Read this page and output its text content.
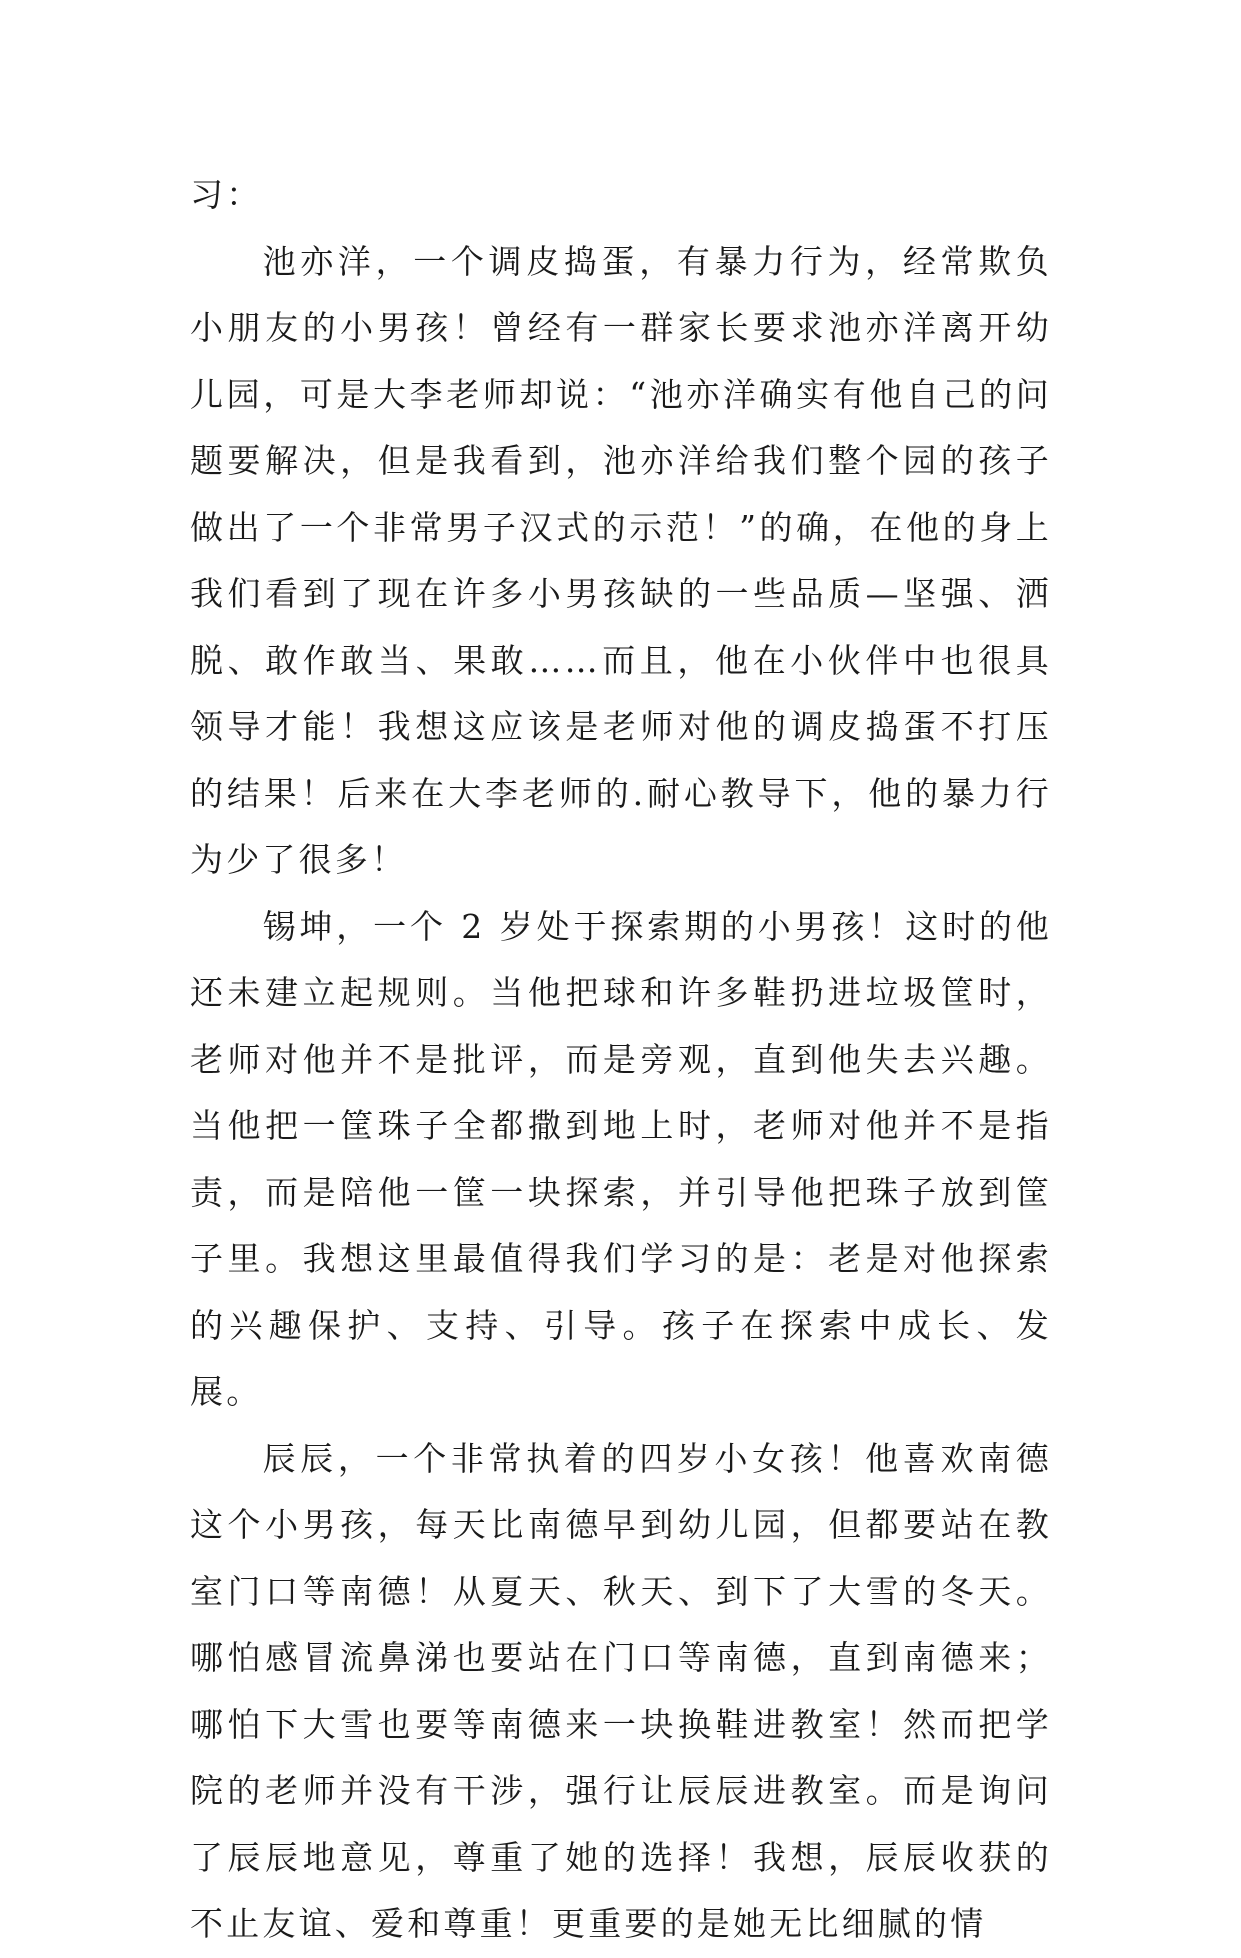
习：

池亦洋，一个调皮捣蛋，有暴力行为，经常欺负小朋友的小男孩！曾经有一群家长要求池亦洋离开幼儿园，可是大李老师却说：“池亦洋确实有他自己的问题要解决，但是我看到，池亦洋给我们整个园的孩子做出了一个非常男子汉式的示范！”的确，在他的身上我们看到了现在许多小男孩缺的一些品质—坚强、洒脱、敢作敢当、果敢……而且，他在小伙伴中也很具领导才能！我想这应该是老师对他的调皮捣蛋不打压的结果！后来在大李老师的.耐心教导下，他的暴力行为少了很多！

锡坤，一个 2 岁处于探索期的小男孩！这时的他还未建立起规则。当他把球和许多鞋扔进垃圾筐时，老师对他并不是批评，而是旁观，直到他失去兴趣。当他把一筐珠子全都撒到地上时，老师对他并不是指责，而是陪他一筐一块探索，并引导他把珠子放到筐子里。我想这里最值得我们学习的是：老是对他探索的兴趣保护、支持、引导。孩子在探索中成长、发展。

辰辰，一个非常执着的四岁小女孩！他喜欢南德这个小男孩，每天比南德早到幼儿园，但都要站在教室门口等南德！从夏天、秋天、到下了大雪的冬天。哪怕感冒流鼻涕也要站在门口等南德，直到南德来；哪怕下大雪也要等南德来一块换鞋进教室！然而把学院的老师并没有干涉，强行让辰辰进教室。而是询问了辰辰地意见，尊重了她的选择！我想，辰辰收获的不止友谊、爱和尊重！更重要的是她无比细腻的情
